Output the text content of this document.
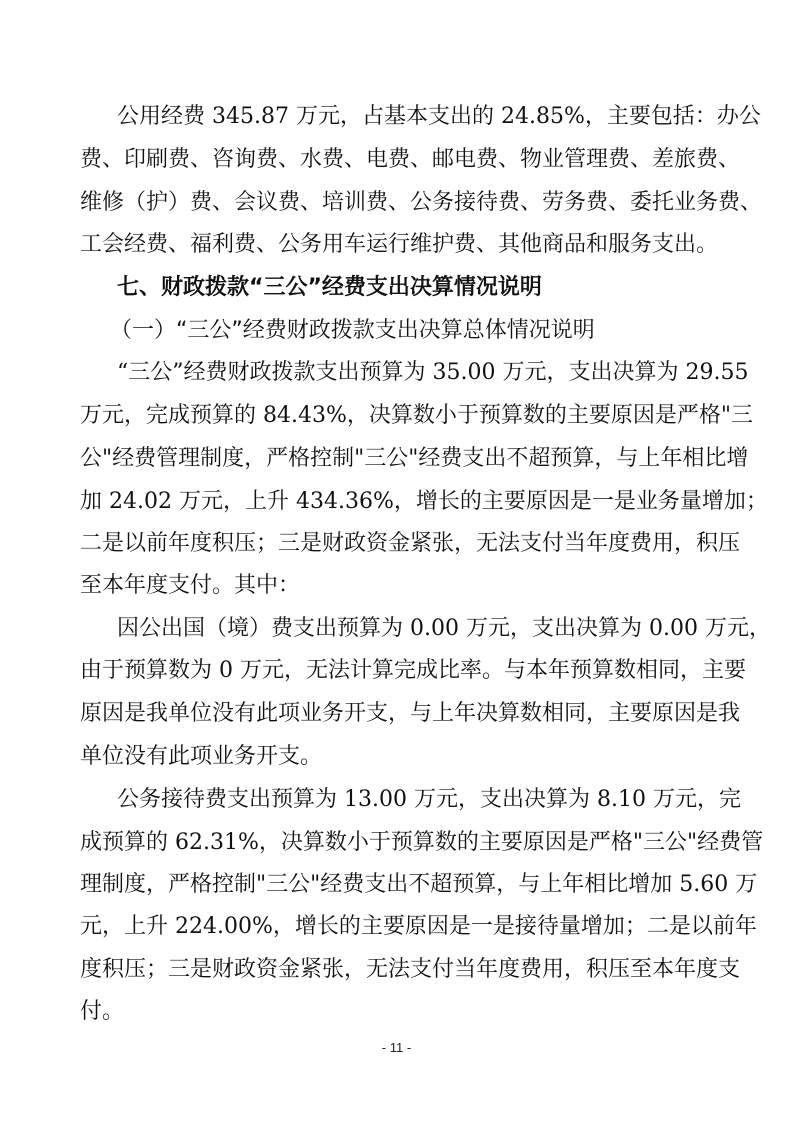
公用经费 345.87 万元，占基本支出的 24.85%，主要包括：办公
费、印刷费、咨询费、水费、电费、邮电费、物业管理费、差旅费、
维修（护）费、会议费、培训费、公务接待费、劳务费、委托业务费、
工会经费、福利费、公务用车运行维护费、其他商品和服务支出。
七、财政拨款“三公”经费支出决算情况说明
（一）“三公”经费财政拨款支出决算总体情况说明
“三公”经费财政拨款支出预算为 35.00 万元，支出决算为 29.55
万元，完成预算的 84.43%，决算数小于预算数的主要原因是严格"三
公"经费管理制度，严格控制"三公"经费支出不超预算，与上年相比增
加 24.02 万元，上升 434.36%，增长的主要原因是一是业务量增加；
二是以前年度积压；三是财政资金紧张，无法支付当年度费用，积压
至本年度支付。其中：
因公出国（境）费支出预算为 0.00 万元，支出决算为 0.00 万元，
由于预算数为 0 万元，无法计算完成比率。与本年预算数相同，主要
原因是我单位没有此项业务开支，与上年决算数相同，主要原因是我
单位没有此项业务开支。
公务接待费支出预算为 13.00 万元，支出决算为 8.10 万元，完
成预算的 62.31%，决算数小于预算数的主要原因是严格"三公"经费管
理制度，严格控制"三公"经费支出不超预算，与上年相比增加 5.60 万
元，上升 224.00%，增长的主要原因是一是接待量增加；二是以前年
度积压；三是财政资金紧张，无法支付当年度费用，积压至本年度支
付。
- 11 -
